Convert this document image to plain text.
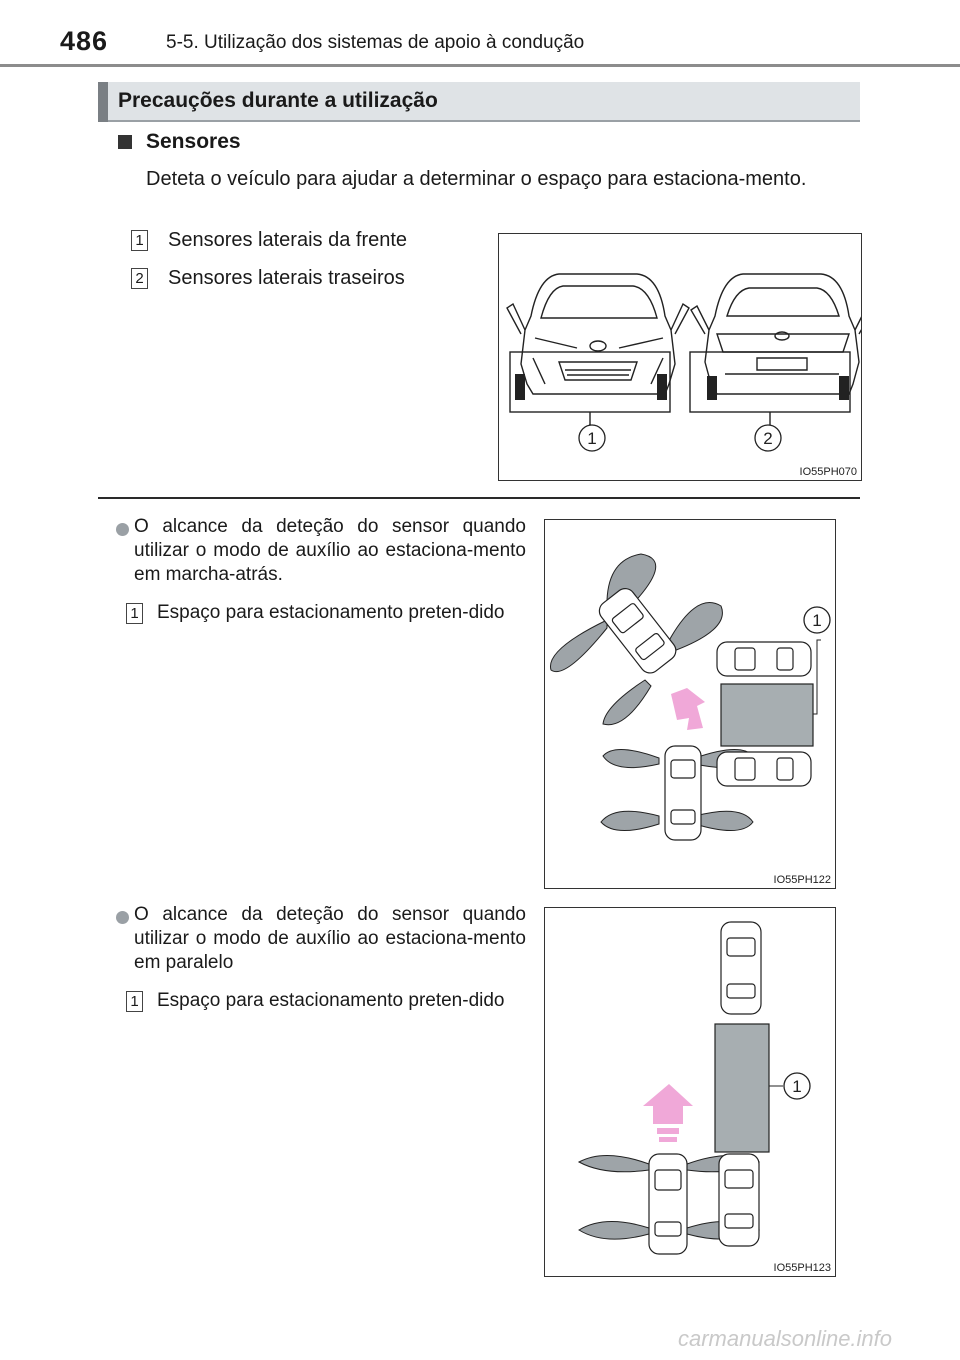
486	5-5. Utilização dos sistemas de apoio à condução
Precauções durante a utilização
Sensores
Deteta o veículo para ajudar a determinar o espaço para estaciona-mento.
1 Sensores laterais da frente
2 Sensores laterais traseiros
1	2
IO55PH070
O alcance da deteção do sensor quando utilizar o modo de auxílio ao estaciona-mento em marcha-atrás.
1 Espaço para estacionamento preten-dido	1
IO55PH122
O alcance da deteção do sensor quando utilizar o modo de auxílio ao estaciona-mento em paralelo
1 Espaço para estacionamento preten-dido
1
IO55PH123
carmanualsonline.info
